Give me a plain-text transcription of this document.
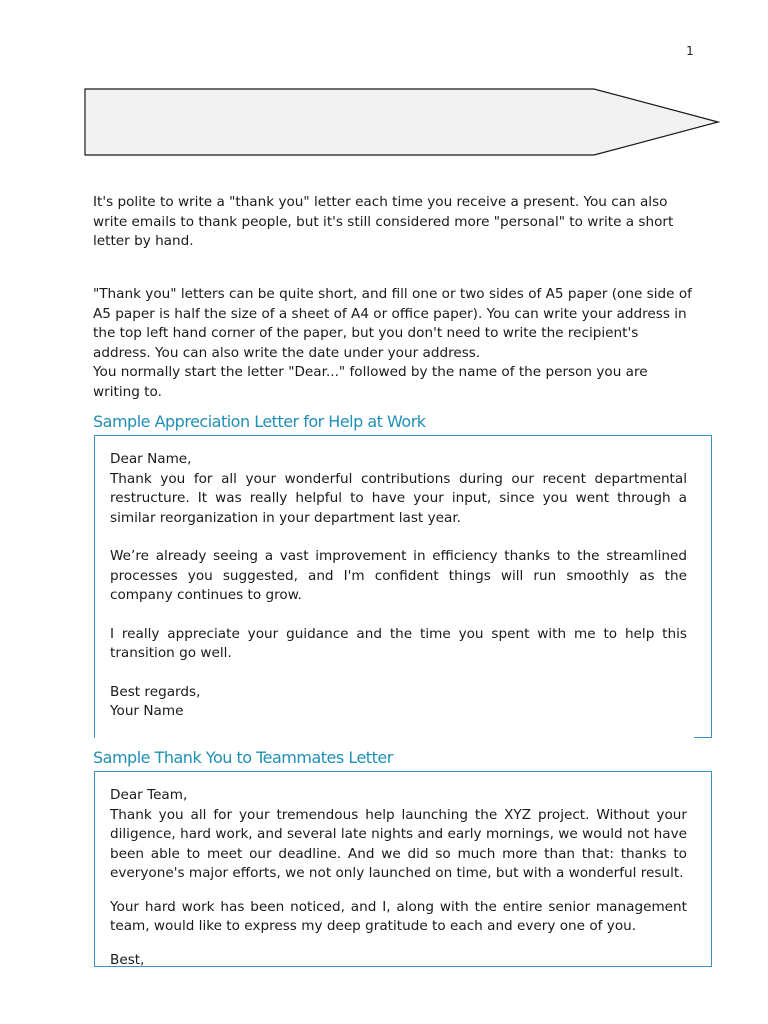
1

It's polite to write a "thank you" letter each time you receive a present. You can also write emails to thank people, but it's still considered more "personal" to write a short letter by hand.

"Thank you" letters can be quite short, and fill one or two sides of A5 paper (one side of A5 paper is half the size of a sheet of A4 or office paper). You can write your address in the top left hand corner of the paper, but you don't need to write the recipient's address. You can also write the date under your address.
You normally start the letter "Dear..." followed by the name of the person you are writing to.
Sample Appreciation Letter for Help at Work

Dear Name,

Thank you for all your wonderful contributions during our recent departmental restructure. It was really helpful to have your input, since you went through a similar reorganization in your department last year.

We’re already seeing a vast improvement in efficiency thanks to the streamlined processes you suggested, and I'm confident things will run smoothly as the company continues to grow.

I really appreciate your guidance and the time you spent with me to help this transition go well.

Best regards,

Your Name

Sample Thank You to Teammates Letter

Dear Team,

Thank you all for your tremendous help launching the XYZ project. Without your diligence, hard work, and several late nights and early mornings, we would not have been able to meet our deadline. And we did so much more than that: thanks to everyone's major efforts, we not only launched on time, but with a wonderful result.

Your hard work has been noticed, and I, along with the entire senior management team, would like to express my deep gratitude to each and every one of you.

Best,
